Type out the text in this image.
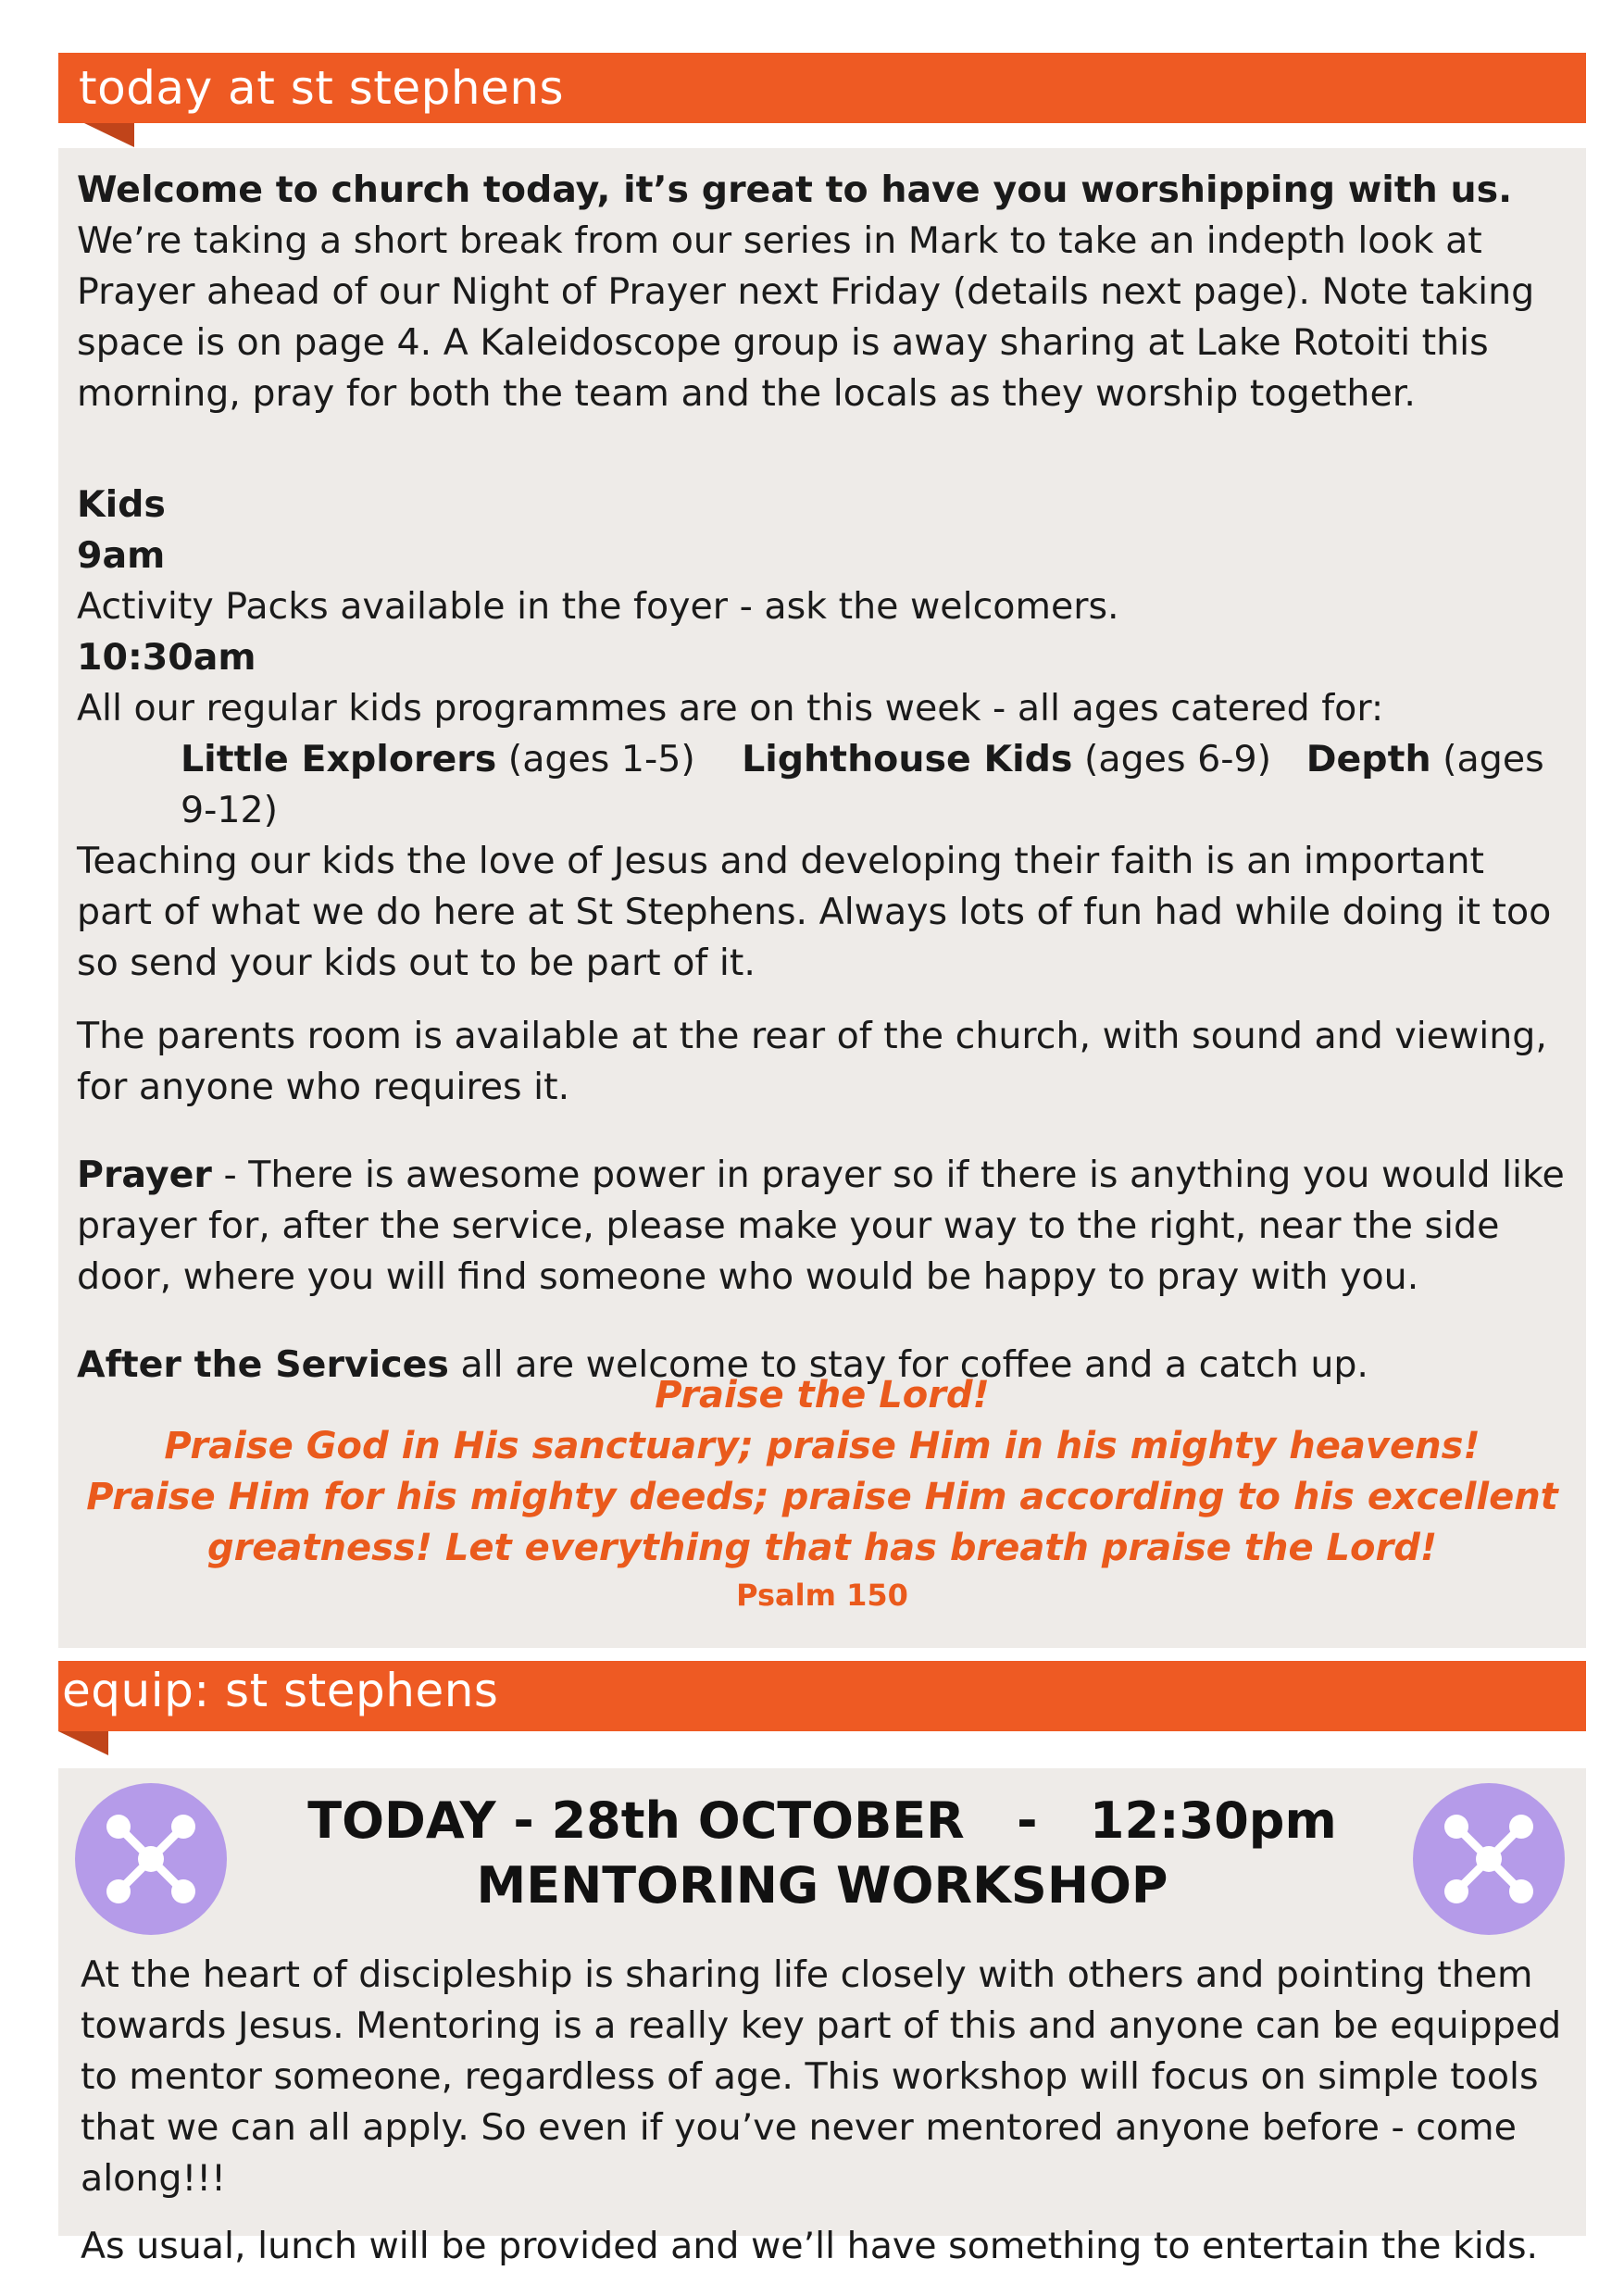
today at st stephens

Welcome to church today, it’s great to have you worshipping with us. We’re taking a short break from our series in Mark to take an indepth look at Prayer ahead of our Night of Prayer next Friday (details next page). Note taking space is on page 4. A Kaleidoscope group is away sharing at Lake Rotoiti this morning, pray for both the team and the locals as they worship together.

Kids

9am

Activity Packs available in the foyer - ask the welcomers.

10:30am

All our regular kids programmes are on this week - all ages catered for:

Little Explorers (ages 1-5) Lighthouse Kids (ages 6-9) Depth (ages 9-12)

Teaching our kids the love of Jesus and developing their faith is an important part of what we do here at St Stephens. Always lots of fun had while doing it too so send your kids out to be part of it.

The parents room is available at the rear of the church, with sound and viewing, for anyone who requires it.

Prayer - There is awesome power in prayer so if there is anything you would like prayer for, after the service, please make your way to the right, near the side door, where you will find someone who would be happy to pray with you.

After the Services all are welcome to stay for coffee and a catch up.

Praise the Lord!
Praise God in His sanctuary; praise Him in his mighty heavens!
Praise Him for his mighty deeds; praise Him according to his excellent
greatness! Let everything that has breath praise the Lord!
Psalm 150
equip: st stephens
TODAY - 28th OCTOBER   -   12:30pm
MENTORING WORKSHOP

At the heart of discipleship is sharing life closely with others and pointing them towards Jesus. Mentoring is a really key part of this and anyone can be equipped to mentor someone, regardless of age. This workshop will focus on simple tools that we can all apply. So even if you’ve never mentored anyone before - come along!!!

As usual, lunch will be provided and we’ll have something to entertain the kids.
